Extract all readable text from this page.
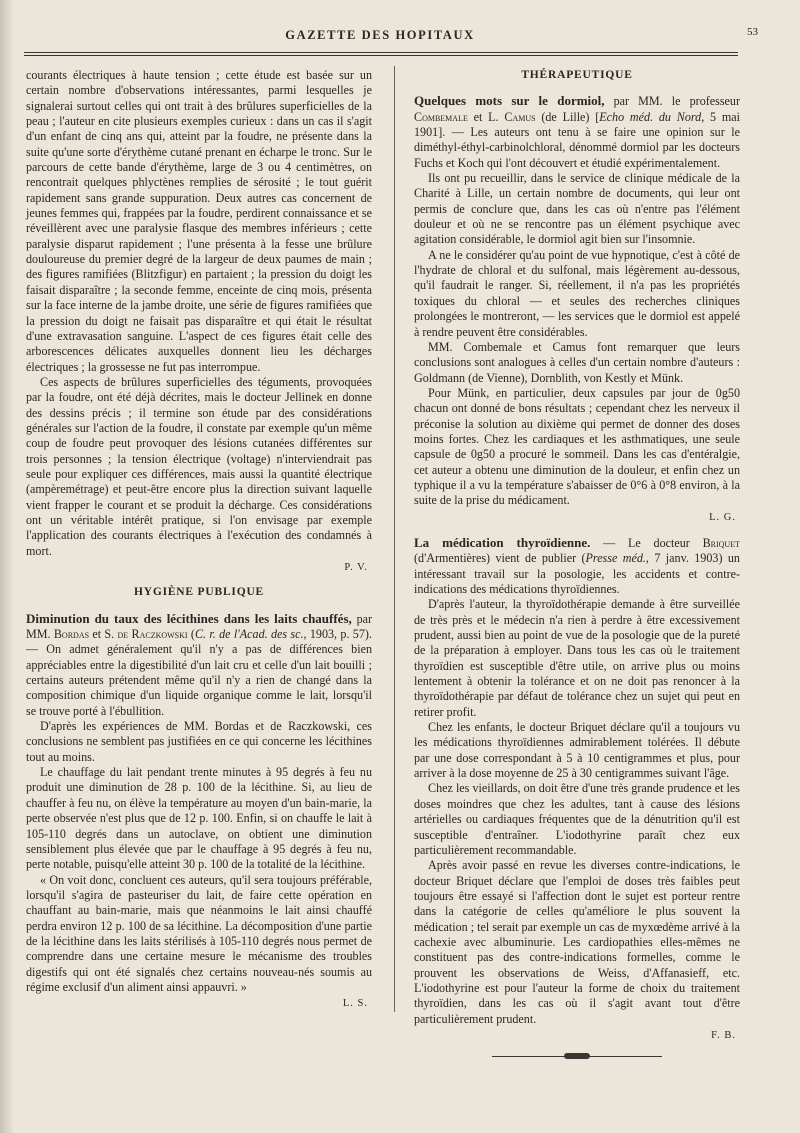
GAZETTE DES HOPITAUX	53

courants électriques à haute tension ; cette étude est basée sur un certain nombre d'observations intéressantes, parmi lesquelles je signalerai surtout celles qui ont trait à des brûlures superficielles de la peau ; l'auteur en cite plusieurs exemples curieux : dans un cas il s'agit d'un enfant de cinq ans qui, atteint par la foudre, ne présente dans la suite qu'une sorte d'érythème cutané prenant en écharpe le tronc. Sur le parcours de cette bande d'érythème, large de 3 ou 4 centimètres, on rencontrait quelques phlyctènes remplies de sérosité ; le tout guérit rapidement sans grande suppuration. Deux autres cas concernent de jeunes femmes qui, frappées par la foudre, perdirent connaissance et se réveillèrent avec une paralysie flasque des membres inférieurs ; cette paralysie disparut rapidement ; l'une présenta à la fesse une brûlure douloureuse du premier degré de la largeur de deux paumes de main ; des figures ramifiées (Blitzfigur) en partaient ; la pression du doigt les faisait disparaître ; la seconde femme, enceinte de cinq mois, présenta sur la face interne de la jambe droite, une série de figures ramifiées que la pression du doigt ne faisait pas disparaître et qui était le résultat d'une extravasation sanguine. L'aspect de ces figures était celle des arborescences délicates auxquelles donnent lieu les décharges électriques ; la grossesse ne fut pas interrompue.

Ces aspects de brûlures superficielles des téguments, provoquées par la foudre, ont été déjà décrites, mais le docteur Jellinek en donne des dessins précis ; il termine son étude par des considérations générales sur l'action de la foudre, il constate par exemple qu'un même coup de foudre peut provoquer des lésions cutanées différentes sur trois personnes ; la tension électrique (voltage) n'interviendrait pas seule pour expliquer ces différences, mais aussi la quantité électrique (ampèremétrage) et peut-être encore plus la direction suivant laquelle vient frapper le courant et se produit la décharge. Ces considérations ont un véritable intérêt pratique, si l'on envisage par exemple l'application des courants électriques à l'exécution des condamnés à mort.

P. V.
HYGIÈNE PUBLIQUE

Diminution du taux des lécithines dans les laits chauffés, par MM. Bordas et S. de Raczkowski (C. r. de l'Acad. des sc., 1903, p. 57). — On admet généralement qu'il n'y a pas de différences bien appréciables entre la digestibilité d'un lait cru et celle d'un lait bouilli ; certains auteurs prétendent même qu'il n'y a rien de changé dans la composition chimique d'un liquide organique comme le lait, lorsqu'il se trouve porté à l'ébullition.

D'après les expériences de MM. Bordas et de Raczkowski, ces conclusions ne semblent pas justifiées en ce qui concerne les lécithines tout au moins.

Le chauffage du lait pendant trente minutes à 95 degrés à feu nu produit une diminution de 28 p. 100 de la lécithine. Si, au lieu de chauffer à feu nu, on élève la température au moyen d'un bain-marie, la perte observée n'est plus que de 12 p. 100. Enfin, si on chauffe le lait à 105-110 degrés dans un autoclave, on obtient une diminution sensiblement plus élevée que par le chauffage à 95 degrés à feu nu, perte notable, puisqu'elle atteint 30 p. 100 de la totalité de la lécithine.

« On voit donc, concluent ces auteurs, qu'il sera toujours préférable, lorsqu'il s'agira de pasteuriser du lait, de faire cette opération en chauffant au bain-marie, mais que néanmoins le lait ainsi chauffé perdra environ 12 p. 100 de sa lécithine. La décomposition d'une partie de la lécithine dans les laits stérilisés à 105-110 degrés nous permet de comprendre dans une certaine mesure le mécanisme des troubles digestifs qui ont été signalés chez certains nouveau-nés soumis au régime exclusif d'un aliment ainsi appauvri. »

L. S.
THÉRAPEUTIQUE

Quelques mots sur le dormiol, par MM. le professeur Combemale et L. Camus (de Lille) [Echo méd. du Nord, 5 mai 1901]. — Les auteurs ont tenu à se faire une opinion sur le diméthyl-éthyl-carbinolchloral, dénommé dormiol par les docteurs Fuchs et Koch qui l'ont découvert et étudié expérimentalement.

Ils ont pu recueillir, dans le service de clinique médicale de la Charité à Lille, un certain nombre de documents, qui leur ont permis de conclure que, dans les cas où n'entre pas l'élément douleur et où ne se rencontre pas un élément psychique avec agitation considérable, le dormiol agit bien sur l'insomnie.

A ne le considérer qu'au point de vue hypnotique, c'est à côté de l'hydrate de chloral et du sulfonal, mais légèrement au-dessous, qu'il faudrait le ranger. Si, réellement, il n'a pas les propriétés toxiques du chloral — et seules des recherches cliniques prolongées le montreront, — les services que le dormiol est appelé à rendre peuvent être considérables.

MM. Combemale et Camus font remarquer que leurs conclusions sont analogues à celles d'un certain nombre d'auteurs : Goldmann (de Vienne), Dornblith, von Kestly et Münk.

Pour Münk, en particulier, deux capsules par jour de 0g50 chacun ont donné de bons résultats ; cependant chez les nerveux il préconise la solution au dixième qui permet de donner des doses moins fortes. Chez les cardiaques et les asthmatiques, une seule capsule de 0g50 a procuré le sommeil. Dans les cas d'entéralgie, cet auteur a obtenu une diminution de la douleur, et enfin chez un typhique il a vu la température s'abaisser de 0°6 à 0°8 environ, à la suite de la prise du médicament.

L. G.

La médication thyroïdienne. — Le docteur Briquet (d'Armentières) vient de publier (Presse méd., 7 janv. 1903) un intéressant travail sur la posologie, les accidents et contre-indications des médications thyroïdiennes.

D'après l'auteur, la thyroïdothérapie demande à être surveillée de très près et le médecin n'a rien à perdre à être excessivement prudent, aussi bien au point de vue de la posologie que de la pureté de la préparation à employer. Dans tous les cas où le traitement thyroïdien est susceptible d'être utile, on arrive plus ou moins lentement à obtenir la tolérance et on ne doit pas renoncer à la thyroïdothérapie par défaut de tolérance chez un sujet qui peut en retirer profit.

Chez les enfants, le docteur Briquet déclare qu'il a toujours vu les médications thyroïdiennes admirablement tolérées. Il débute par une dose correspondant à 5 à 10 centigrammes et plus, pour arriver à la dose moyenne de 25 à 30 centigrammes suivant l'âge.

Chez les vieillards, on doit être d'une très grande prudence et les doses moindres que chez les adultes, tant à cause des lésions artérielles ou cardiaques fréquentes que de la dénutrition qu'il est susceptible d'entraîner. L'iodothyrine paraît chez eux particulièrement recommandable.

Après avoir passé en revue les diverses contre-indications, le docteur Briquet déclare que l'emploi de doses très faibles peut toujours être essayé si l'affection dont le sujet est porteur rentre dans la catégorie de celles qu'améliore le plus souvent la médication ; tel serait par exemple un cas de myxœdème arrivé à la cachexie avec albuminurie. Les cardiopathies elles-mêmes ne constituent pas des contre-indications formelles, comme le prouvent les observations de Weiss, d'Affanasieff, etc. L'iodothyrine est pour l'auteur la forme de choix du traitement thyroïdien, dans les cas où il s'agit avant tout d'être particulièrement prudent.

F. B.
